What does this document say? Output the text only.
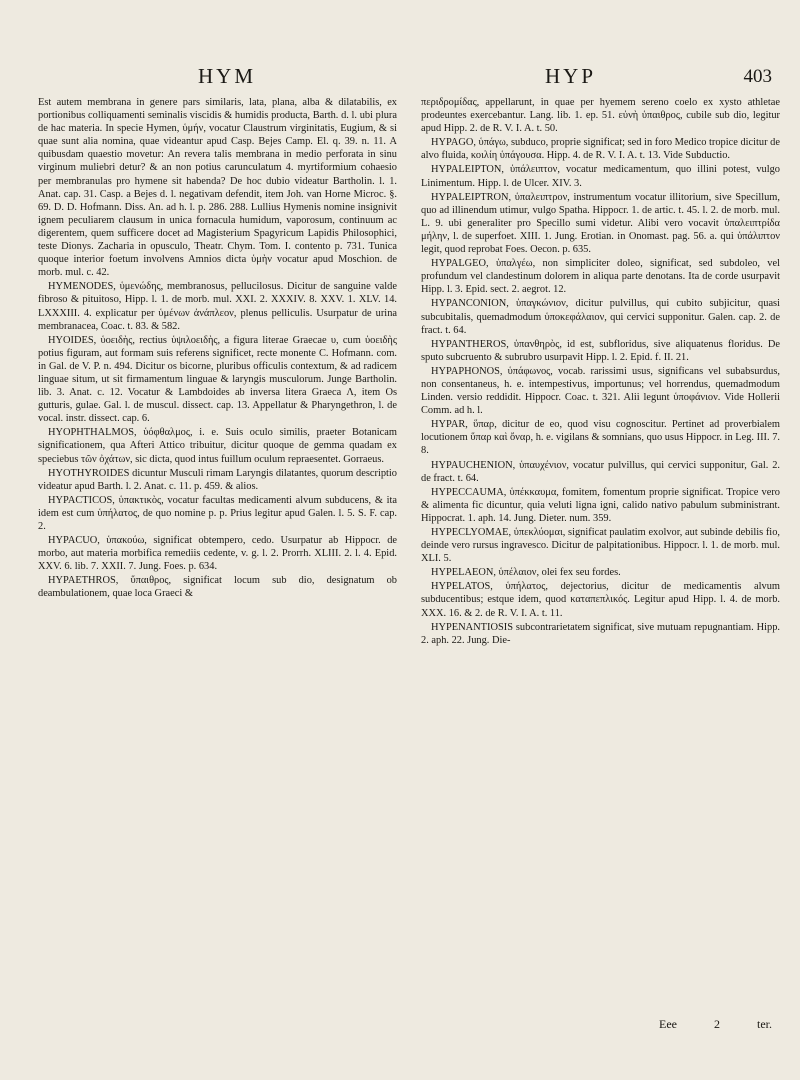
HYM	HYP	403

Est autem membrana in genere pars similaris, lata, plana, alba & dilatabilis, ex portionibus colliquamenti seminalis viscidis & humidis producta, Barth. d. l. ubi plura de hac materia. In specie Hymen, ὑμήν, vocatur Claustrum virginitatis, Eugium, & si quae sunt alia nomina, quae videantur apud Casp. Bejes Camp. El. q. 39. n. 11. A quibusdam quaestio movetur: An revera talis membrana in medio perforata in sinu virginum muliebri detur? & an non potius carunculatum 4. myrtiformium cohaesio per membranulas pro hymene sit habenda? De hoc dubio videatur Bartholin. l. 1. Anat. cap. 31. Casp. a Bejes d. l. negativam defendit, item Joh. van Horne Microc. §. 69. D. D. Hofmann. Diss. An. ad h. l. p. 286. 288. Lullius Hymenis nomine insignivit ignem peculiarem clausum in unica fornacula humidum, vaporosum, continuum ac digerentem, quem sufficere docet ad Magisterium Spagyricum Lapidis Philosophici, teste Dionys. Zacharia in opusculo, Theatr. Chym. Tom. I. contento p. 731. Tunica quoque interior foetum involvens Amnios dicta ὑμὴν vocatur apud Moschion. de morb. mul. c. 42.

HYMENODES, ὑμενώδης, membranosus, pellucilosus. Dicitur de sanguine valde fibroso & pituitoso, Hipp. l. 1. de morb. mul. XXI. 2. XXXIV. 8. XXV. 1. XLV. 14. LXXXIII. 4. explicatur per ὑμένων ἀνάπλεον, plenus pelliculis. Usurpatur de urina membranacea, Coac. t. 83. & 582.

HYOIDES, ὑοειδὴς, rectius ὑψιλοειδὴς, a figura literae Graecae υ, cum ὑοειδὴς potius figuram, aut formam suis referens significet, recte monente C. Hofmann. com. in Gal. de V. P. n. 494. Dicitur os bicorne, pluribus officulis contextum, & ad radicem linguae situm, ut sit firmamentum linguae & laryngis musculorum. Junge Bartholin. lib. 3. Anat. c. 12. Vocatur & Lambdoides ab inversa litera Graeca Λ, item Os gutturis, gulae. Gal. l. de muscul. dissect. cap. 13. Appellatur & Pharyngethron, l. de vocal. instr. dissect. cap. 6.

HYOPHTHALMOS, ὑόφθαλμος, i. e. Suis oculo similis, praeter Botanicam significationem, qua Afteri Attico tribuitur, dicitur quoque de gemma quadam ex speciebus τῶν ὀχάτων, sic dicta, quod intus fuillum oculum repraesentet. Gorraeus.

HYOTHYROIDES dicuntur Musculi rimam Laryngis dilatantes, quorum descriptio videatur apud Barth. l. 2. Anat. c. 11. p. 459. & alios.

HYPACTICOS, ὑπακτικὸς, vocatur facultas medicamenti alvum subducens, & ita idem est cum ὑπήλατος, de quo nomine p. p. Prius legitur apud Galen. l. 5. S. F. cap. 2.

HYPACUO, ὑπακούω, significat obtempero, cedo. Usurpatur ab Hippocr. de morbo, aut materia morbifica remediis cedente, v. g. l. 2. Prorrh. XLIII. 2. l. 4. Epid. XXV. 6. lib. 7. XXII. 7. Jung. Foes. p. 634.

HYPAETHROS, ὕπαιθρος, significat locum sub dio, designatum ob deambulationem, quae loca Graeci &

περιδρομίδας, appellarunt, in quae per hyemem sereno coelo ex xysto athletae prodeuntes exercebantur. Lang. lib. 1. ep. 51. εὐνὴ ὑπαιθρος, cubile sub dio, legitur apud Hipp. 2. de R. V. I. A. t. 50.

HYPAGO, ὑπάγω, subduco, proprie significat; sed in foro Medico tropice dicitur de alvo fluida, κοιλίη ὑπάγουσα. Hipp. 4. de R. V. I. A. t. 13. Vide Subductio.

HYPALEIPTON, ὑπάλειπτον, vocatur medicamentum, quo illini potest, vulgo Linimentum. Hipp. l. de Ulcer. XIV. 3.

HYPALEIPTRON, ὑπαλειπτρον, instrumentum vocatur illitorium, sive Specillum, quo ad illinendum utimur, vulgo Spatha. Hippocr. 1. de artic. t. 45. l. 2. de morb. mul. L. 9. ubi generaliter pro Specillo sumi videtur. Alibi vero vocavit ὑπαλειπτρίδα μήλην, l. de superfoet. XIII. 1. Jung. Erotian. in Onomast. pag. 56. a. qui ὑπάλιπτον legit, quod reprobat Foes. Oecon. p. 635.

HYPALGEO, ὑπαλγέω, non simpliciter doleo, significat, sed subdoleo, vel profundum vel clandestinum dolorem in aliqua parte denotans. Ita de corde usurpavit Hipp. l. 3. Epid. sect. 2. aegrot. 12.

HYPANCONION, ὑπαγκώνιον, dicitur pulvillus, qui cubito subjicitur, quasi subcubitalis, quemadmodum ὑποκεφάλαιον, qui cervici supponitur. Galen. cap. 2. de fract. t. 64.

HYPANTHEROS, ὑπανθηρὸς, id est, subfloridus, sive aliquatenus floridus. De sputo subcruento & subrubro usurpavit Hipp. l. 2. Epid. f. II. 21.

HYPAPHONOS, ὑπάφωνος, vocab. rarissimi usus, significans vel subabsurdus, non consentaneus, h. e. intempestivus, importunus; vel horrendus, quemadmodum Linden. versio reddidit. Hippocr. Coac. t. 321. Alii legunt ὑποφάνιον. Vide Hollerii Comm. ad h. l.

HYPAR, ὕπαρ, dicitur de eo, quod visu cognoscitur. Pertinet ad proverbialem locutionem ὕπαρ καὶ ὄναρ, h. e. vigilans & somnians, quo usus Hippocr. in Leg. III. 7. 8.

HYPAUCHENION, ὑπαυχένιον, vocatur pulvillus, qui cervici supponitur, Gal. 2. de fract. t. 64.

HYPECCAUMA, ὑπέκκαυμα, fomitem, fomentum proprie significat. Tropice vero & alimenta fic dicuntur, quia veluti ligna igni, calido nativo pabulum subministrant. Hippocrat. 1. aph. 14. Jung. Dieter. num. 359.

HYPECLYOMAE, ὑπεκλύομαι, significat paulatim exolvor, aut subinde debilis fio, deinde vero rursus ingravesco. Dicitur de palpitationibus. Hippocr. l. 1. de morb. mul. XLI. 5.

HYPELAEON, ὑπέλαιον, olei fex seu fordes.

HYPELATOS, ὑπήλατος, dejectorius, dicitur de medicamentis alvum subducentibus; estque idem, quod καταπεπλικός. Legitur apud Hipp. l. 4. de morb. XXX. 16. & 2. de R. V. I. A. t. 11.

HYPENANTIOSIS subcontrarietatem significat, sive mutuam repugnantiam. Hipp. 2. aph. 22. Jung. Die-

Eee	2	ter.
